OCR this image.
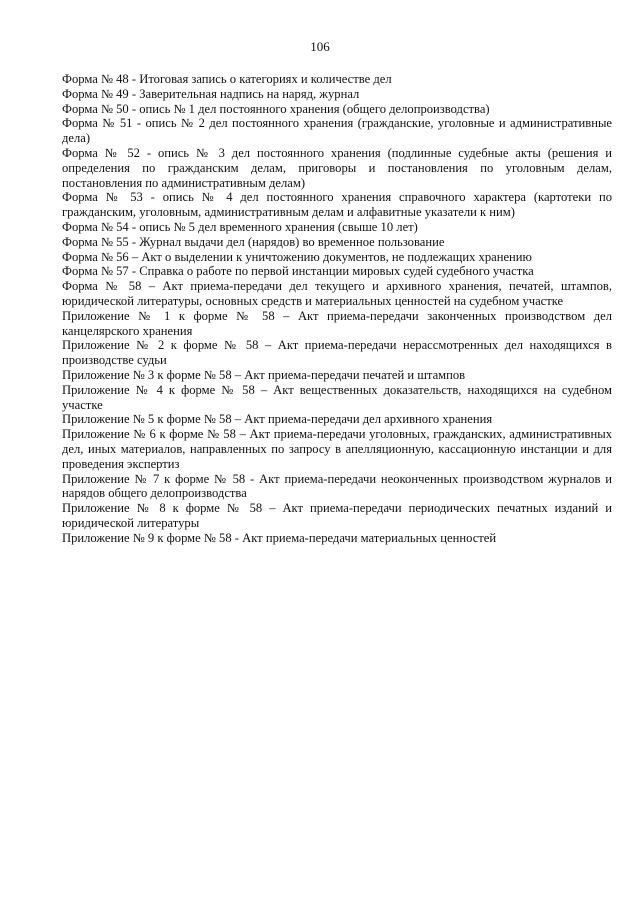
106
Форма № 48 - Итоговая запись о категориях и количестве дел
Форма № 49 - Заверительная надпись на наряд, журнал
Форма № 50 - опись № 1 дел постоянного хранения (общего делопроизводства)
Форма № 51 - опись № 2 дел постоянного хранения (гражданские, уголовные и административные дела)
Форма № 52 - опись № 3 дел постоянного хранения (подлинные судебные акты (решения и определения по гражданским делам, приговоры и постановления по уголовным делам, постановления по административным делам)
Форма № 53 - опись № 4 дел постоянного хранения справочного характера (картотеки по гражданским, уголовным, административным делам и алфавитные указатели к ним)
Форма № 54 - опись № 5 дел временного хранения (свыше 10 лет)
Форма № 55 - Журнал выдачи дел (нарядов) во временное пользование
Форма № 56 – Акт о выделении к уничтожению документов, не подлежащих хранению
Форма № 57 - Справка о работе по первой инстанции мировых судей судебного участка
Форма № 58 – Акт приема-передачи дел текущего и архивного хранения, печатей, штампов, юридической литературы, основных средств и материальных ценностей на судебном участке
Приложение № 1 к форме № 58 – Акт приема-передачи законченных производством дел канцелярского хранения
Приложение № 2 к форме № 58 – Акт приема-передачи нерассмотренных дел находящихся в производстве судьи
Приложение № 3 к форме № 58 – Акт приема-передачи печатей и штампов
Приложение № 4 к форме № 58 – Акт вещественных доказательств, находящихся на судебном участке
Приложение № 5 к форме № 58 – Акт приема-передачи дел архивного хранения
Приложение № 6 к форме № 58 – Акт приема-передачи уголовных, гражданских, административных дел, иных материалов, направленных по запросу в апелляционную, кассационную инстанции и для проведения экспертиз
Приложение № 7 к форме № 58 - Акт приема-передачи неоконченных производством журналов и нарядов общего делопроизводства
Приложение № 8 к форме № 58 – Акт приема-передачи периодических печатных изданий и юридической литературы
Приложение № 9 к форме № 58 - Акт приема-передачи материальных ценностей
